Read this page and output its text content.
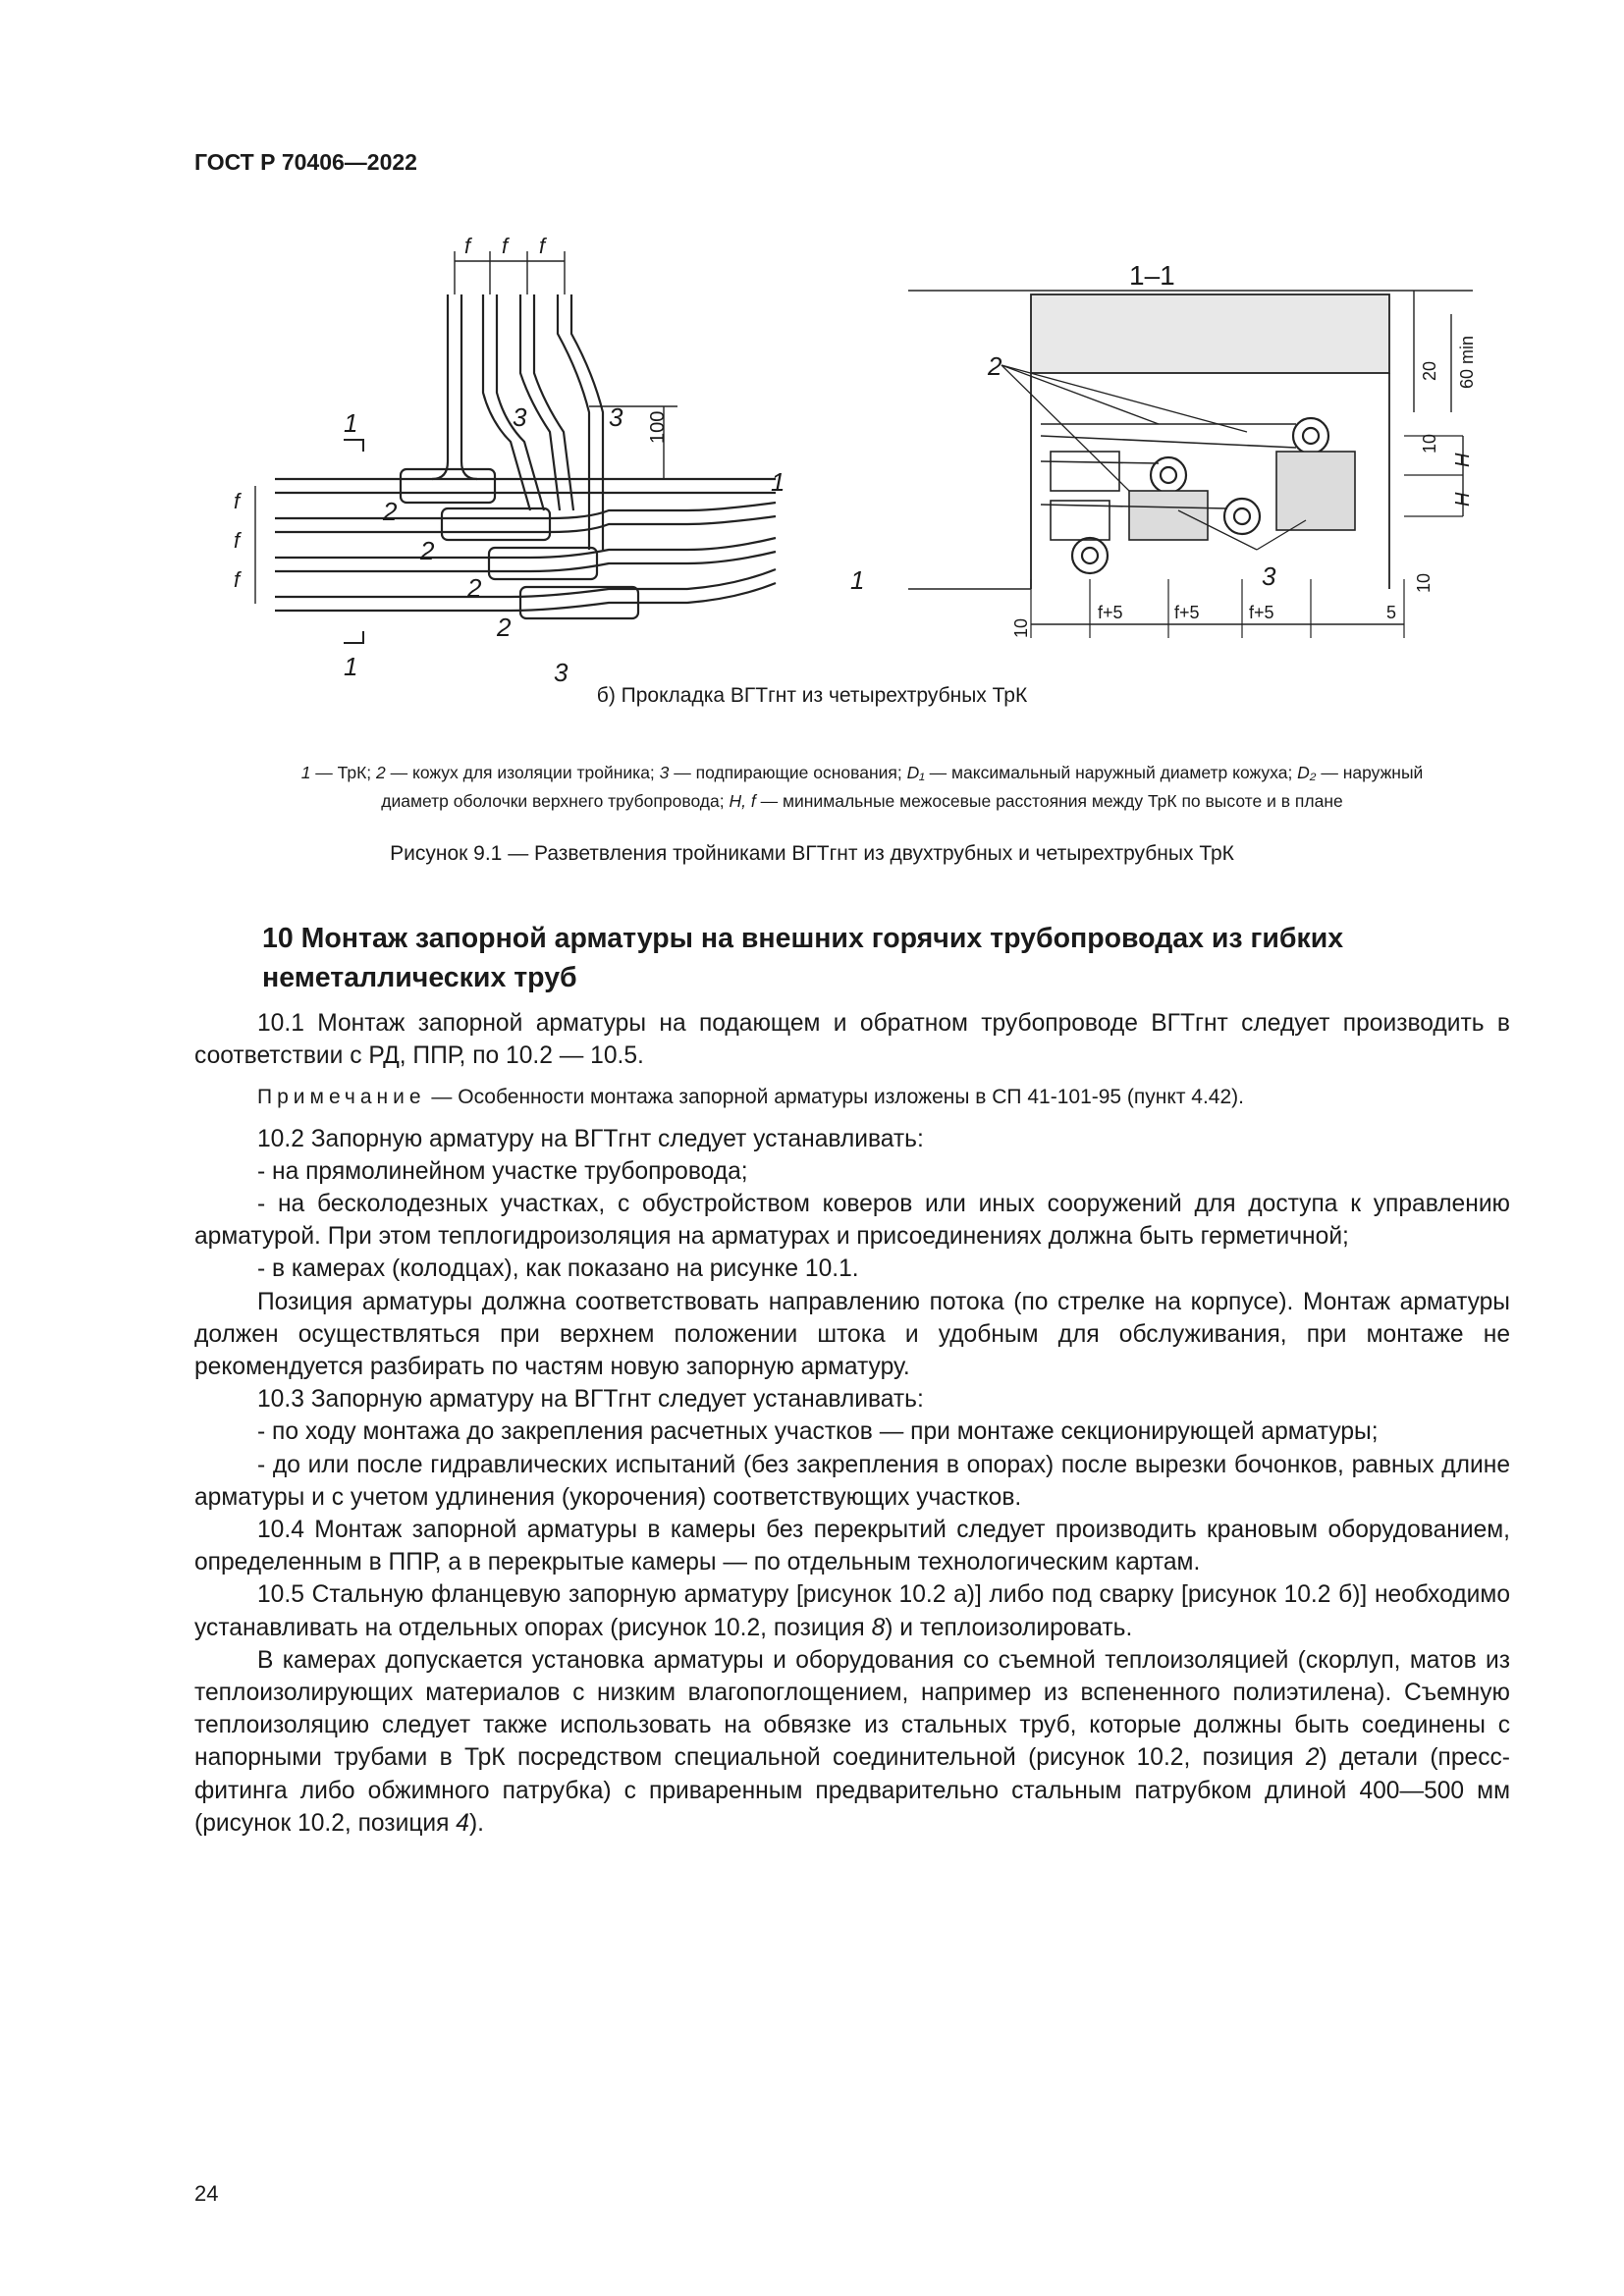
ГОСТ Р 70406—2022
f f f
f
f
f
1
1
1
2
2
2
2
3	3
3
2
1	3
100
1–1
20 60 min
10
10
10
f+5	f+5	f+5	5
H
H
б) Прокладка ВГТгнт из четырехтрубных ТрК
1 — ТрК; 2 — кожух для изоляции тройника; 3 — подпирающие основания; D₁ — максимальный наружный диаметр кожуха; D₂ — наружный
диаметр оболочки верхнего трубопровода; H, f — минимальные межосевые расстояния между ТрК по высоте и в плане
Рисунок 9.1 — Разветвления тройниками ВГТгнт из двухтрубных и четырехтрубных ТрК
10 Монтаж запорной арматуры на внешних горячих трубопроводах из гибких неметаллических труб

10.1 Монтаж запорной арматуры на подающем и обратном трубопроводе ВГТгнт следует производить в соответствии с РД, ППР, по 10.2 — 10.5.

Примечание — Особенности монтажа запорной арматуры изложены в СП 41-101-95 (пункт 4.42).

10.2 Запорную арматуру на ВГТгнт следует устанавливать:

- на прямолинейном участке трубопровода;

- на бесколодезных участках, с обустройством коверов или иных сооружений для доступа к управлению арматурой. При этом теплогидроизоляция на арматурах и присоединениях должна быть герметичной;

- в камерах (колодцах), как показано на рисунке 10.1.

Позиция арматуры должна соответствовать направлению потока (по стрелке на корпусе). Монтаж арматуры должен осуществляться при верхнем положении штока и удобным для обслуживания, при монтаже не рекомендуется разбирать по частям новую запорную арматуру.

10.3 Запорную арматуру на ВГТгнт следует устанавливать:

- по ходу монтажа до закрепления расчетных участков — при монтаже секционирующей арматуры;

- до или после гидравлических испытаний (без закрепления в опорах) после вырезки бочонков, равных длине арматуры и с учетом удлинения (укорочения) соответствующих участков.

10.4 Монтаж запорной арматуры в камеры без перекрытий следует производить крановым оборудованием, определенным в ППР, а в перекрытые камеры — по отдельным технологическим картам.

10.5 Стальную фланцевую запорную арматуру [рисунок 10.2 а)] либо под сварку [рисунок 10.2 б)] необходимо устанавливать на отдельных опорах (рисунок 10.2, позиция 8) и теплоизолировать.

В камерах допускается установка арматуры и оборудования со съемной теплоизоляцией (скорлуп, матов из теплоизолирующих материалов с низким влагопоглощением, например из вспененного полиэтилена). Съемную теплоизоляцию следует также использовать на обвязке из стальных труб, которые должны быть соединены с напорными трубами в ТрК посредством специальной соединительной (рисунок 10.2, позиция 2) детали (пресс-фитинга либо обжимного патрубка) с приваренным предварительно стальным патрубком длиной 400—500 мм (рисунок 10.2, позиция 4).

24
